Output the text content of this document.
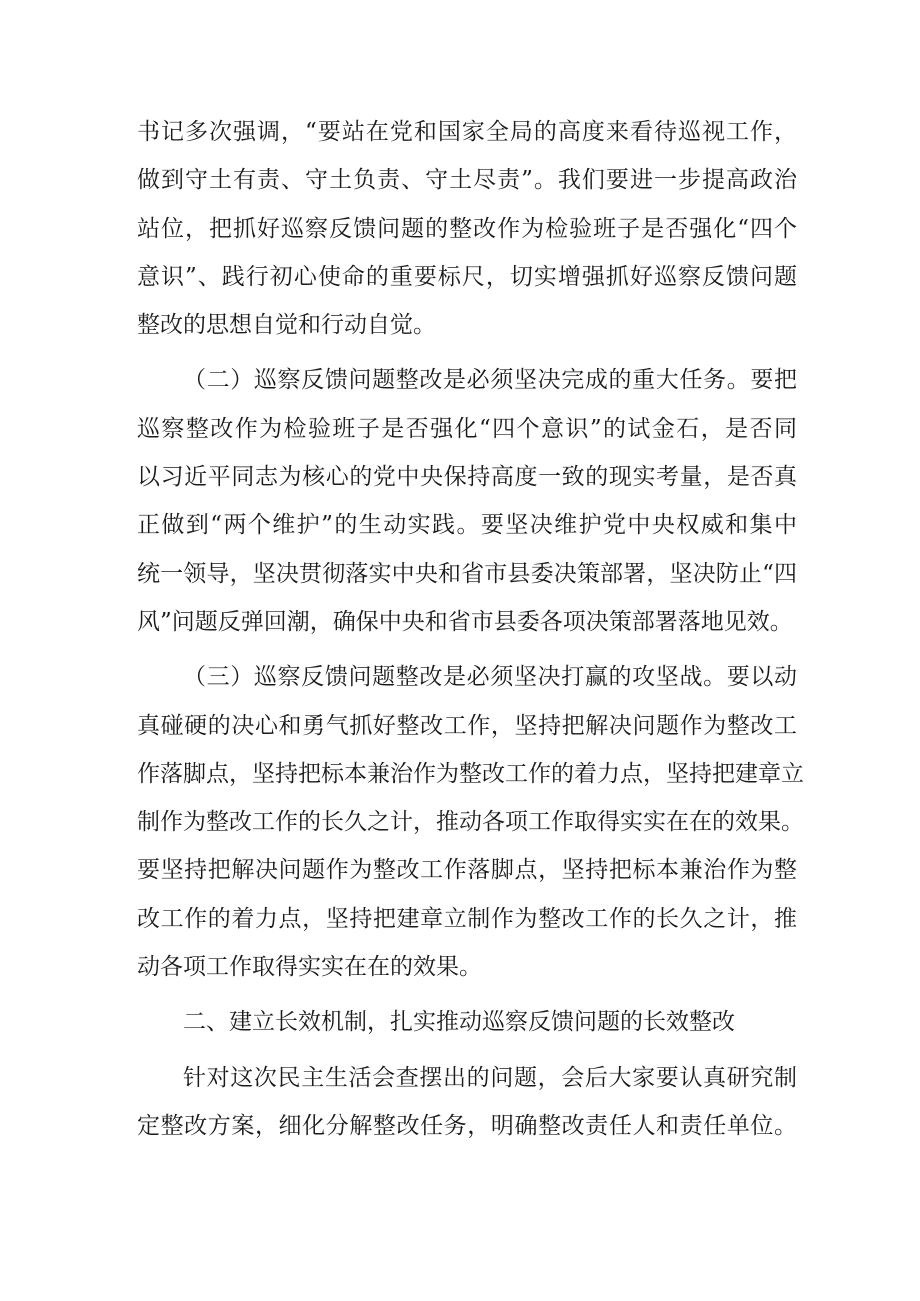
书记多次强调，“要站在党和国家全局的高度来看待巡视工作，
做到守土有责、守土负责、守土尽责”。我们要进一步提高政治
站位，把抓好巡察反馈问题的整改作为检验班子是否强化“四个
意识”、践行初心使命的重要标尺，切实增强抓好巡察反馈问题
整改的思想自觉和行动自觉。
（二）巡察反馈问题整改是必须坚决完成的重大任务。要把
巡察整改作为检验班子是否强化“四个意识”的试金石，是否同
以习近平同志为核心的党中央保持高度一致的现实考量，是否真
正做到“两个维护”的生动实践。要坚决维护党中央权威和集中
统一领导，坚决贯彻落实中央和省市县委决策部署，坚决防止“四
风”问题反弹回潮，确保中央和省市县委各项决策部署落地见效。
（三）巡察反馈问题整改是必须坚决打赢的攻坚战。要以动
真碰硬的决心和勇气抓好整改工作，坚持把解决问题作为整改工
作落脚点，坚持把标本兼治作为整改工作的着力点，坚持把建章立
制作为整改工作的长久之计，推动各项工作取得实实在在的效果。
要坚持把解决问题作为整改工作落脚点，坚持把标本兼治作为整
改工作的着力点，坚持把建章立制作为整改工作的长久之计，推
动各项工作取得实实在在的效果。
二、建立长效机制，扎实推动巡察反馈问题的长效整改
针对这次民主生活会查摆出的问题，会后大家要认真研究制
定整改方案，细化分解整改任务，明确整改责任人和责任单位。
